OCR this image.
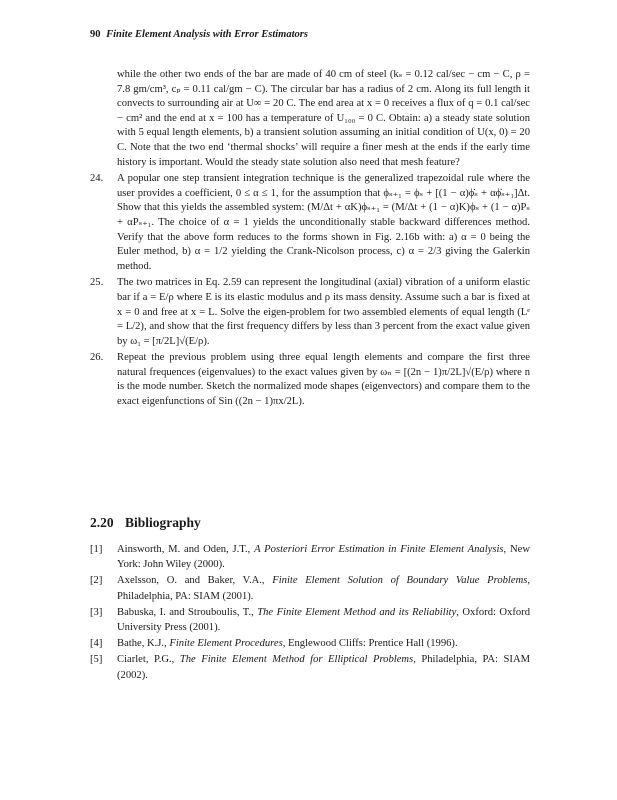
90 Finite Element Analysis with Error Estimators

while the other two ends of the bar are made of 40 cm of steel (kₛ = 0.12 cal/sec − cm − C, ρ = 7.8 gm/cm³, cₚ = 0.11 cal/gm − C). The circular bar has a radius of 2 cm. Along its full length it convects to surrounding air at U∞ = 20 C. The end area at x = 0 receives a flux of q = 0.1 cal/sec − cm² and the end at x = 100 has a temperature of U₁₀₀ = 0 C. Obtain: a) a steady state solution with 5 equal length elements, b) a transient solution assuming an initial condition of U(x, 0) = 20 C. Note that the two end ‘thermal shocks’ will require a finer mesh at the ends if the early time history is important. Would the steady state solution also need that mesh feature?

24. A popular one step transient integration technique is the generalized trapezoidal rule where the user provides a coefficient, 0 ≤ α ≤ 1, for the assumption that ϕₛ₊₁ = ϕₛ + [(1 − α)ϕ̇ₛ + αϕ̇ₛ₊₁]Δt. Show that this yields the assembled system: (M/Δt + αK)ϕₛ₊₁ = (M/Δt + (1 − α)K)ϕₛ + (1 − α)Pₛ + αPₛ₊₁. The choice of α = 1 yields the unconditionally stable backward differences method. Verify that the above form reduces to the forms shown in Fig. 2.16b with: a) α = 0 being the Euler method, b) α = 1/2 yielding the Crank-Nicolson process, c) α = 2/3 giving the Galerkin method.

25. The two matrices in Eq. 2.59 can represent the longitudinal (axial) vibration of a uniform elastic bar if a = E/ρ where E is its elastic modulus and ρ its mass density. Assume such a bar is fixed at x = 0 and free at x = L. Solve the eigen-problem for two assembled elements of equal length (Lᵉ = L/2), and show that the first frequency differs by less than 3 percent from the exact value given by ω₁ = [π/2L]√(E/ρ).

26. Repeat the previous problem using three equal length elements and compare the first three natural frequences (eigenvalues) to the exact values given by ωₙ = [(2n − 1)π/2L]√(E/ρ) where n is the mode number. Sketch the normalized mode shapes (eigenvectors) and compare them to the exact eigenfunctions of Sin ((2n − 1)πx/2L).

2.20 Bibliography
[1] Ainsworth, M. and Oden, J.T., A Posteriori Error Estimation in Finite Element Analysis, New York: John Wiley (2000).
[2] Axelsson, O. and Baker, V.A., Finite Element Solution of Boundary Value Problems, Philadelphia, PA: SIAM (2001).
[3] Babuska, I. and Strouboulis, T., The Finite Element Method and its Reliability, Oxford: Oxford University Press (2001).
[4] Bathe, K.J., Finite Element Procedures, Englewood Cliffs: Prentice Hall (1996).
[5] Ciarlet, P.G., The Finite Element Method for Elliptical Problems, Philadelphia, PA: SIAM (2002).
